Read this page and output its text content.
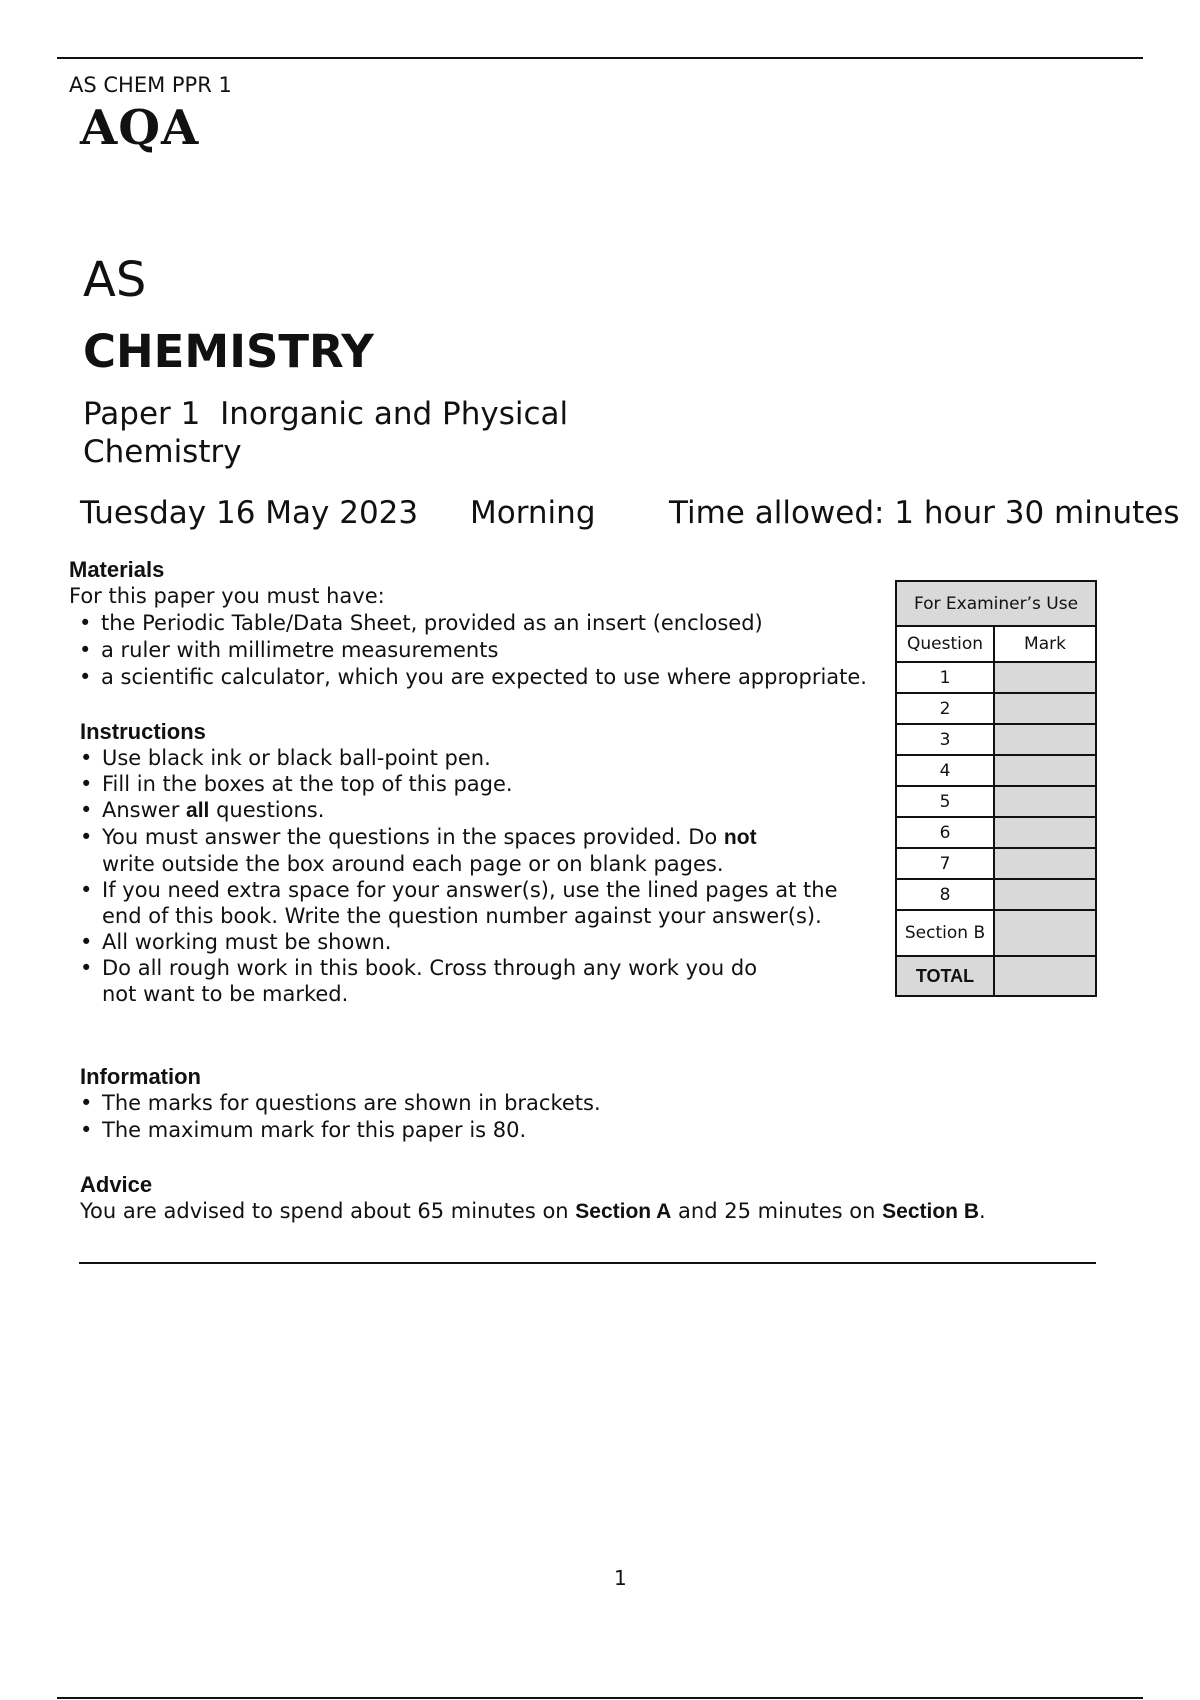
AS CHEM PPR 1
AQA
AS
CHEMISTRY
Paper 1  Inorganic and Physical
Chemistry
Tuesday 16 May 2023 Morning Time allowed: 1 hour 30 minutes
Materials
For this paper you must have:
• the Periodic Table/Data Sheet, provided as an insert (enclosed)
• a ruler with millimetre measurements
• a scientific calculator, which you are expected to use where appropriate.
Instructions
• Use black ink or black ball-point pen.
• Fill in the boxes at the top of this page.
• Answer all questions.
• You must answer the questions in the spaces provided. Do not write outside the box around each page or on blank pages.
• If you need extra space for your answer(s), use the lined pages at the end of this book. Write the question number against your answer(s).
• All working must be shown.
• Do all rough work in this book. Cross through any work you do not want to be marked.
Information
• The marks for questions are shown in brackets.
• The maximum mark for this paper is 80.
Advice
You are advised to spend about 65 minutes on Section A and 25 minutes on Section B.
For Examiner’s Use	
Question	Mark
1	
2	
3	
4	
5	
6	
7	
8	
Section B	
TOTAL	
1
